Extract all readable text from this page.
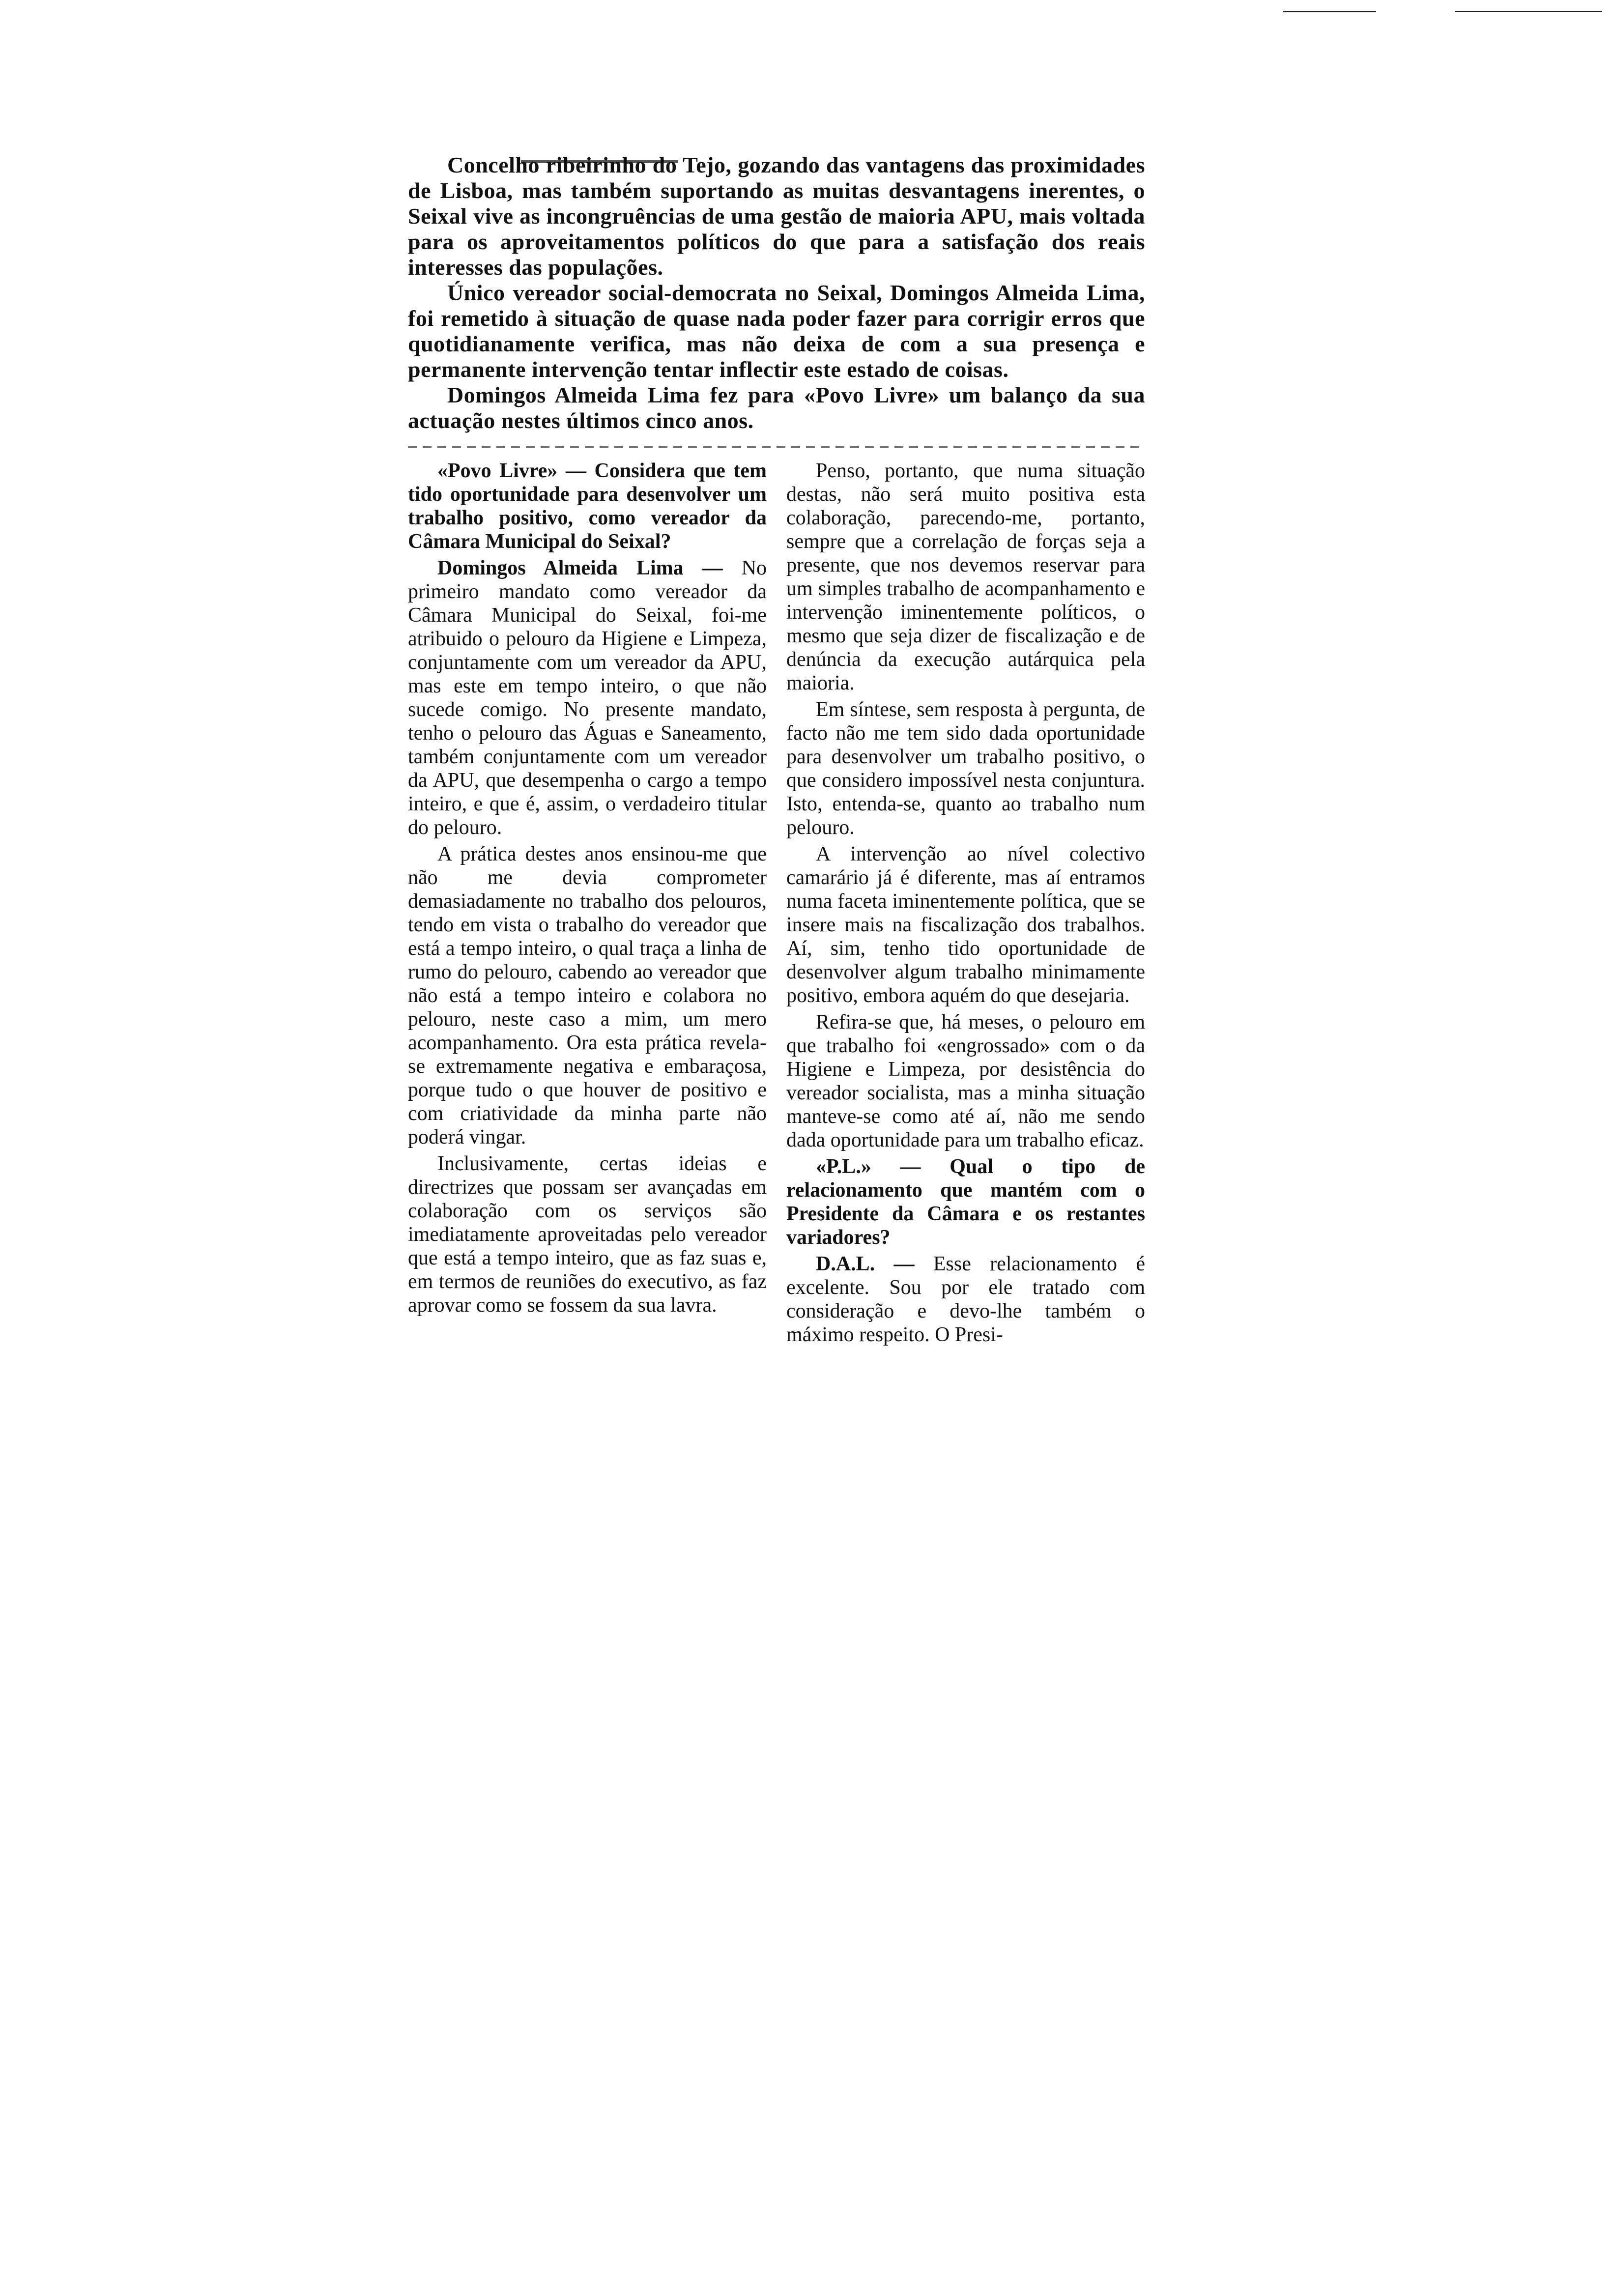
Concelho ribeirinho do Tejo, gozando das vantagens das proximidades de Lisboa, mas também suportando as muitas desvantagens inerentes, o Seixal vive as incongruências de uma gestão de maioria APU, mais voltada para os aproveitamentos políticos do que para a satisfação dos reais interesses das populações.

Único vereador social-democrata no Seixal, Domingos Almeida Lima, foi remetido à situação de quase nada poder fazer para corrigir erros que quotidianamente verifica, mas não deixa de com a sua presença e permanente intervenção tentar inflectir este estado de coisas.

Domingos Almeida Lima fez para «Povo Livre» um balanço da sua actuação nestes últimos cinco anos.

«Povo Livre» — Considera que tem tido oportunidade para desenvolver um trabalho positivo, como vereador da Câmara Municipal do Seixal?

Domingos Almeida Lima — No primeiro mandato como vereador da Câmara Municipal do Seixal, foi-me atribuido o pelouro da Higiene e Limpeza, conjuntamente com um vereador da APU, mas este em tempo inteiro, o que não sucede comigo. No presente mandato, tenho o pelouro das Águas e Saneamento, também conjuntamente com um vereador da APU, que desempenha o cargo a tempo inteiro, e que é, assim, o verdadeiro titular do pelouro.

A prática destes anos ensinou-me que não me devia comprometer demasiadamente no trabalho dos pelouros, tendo em vista o trabalho do vereador que está a tempo inteiro, o qual traça a linha de rumo do pelouro, cabendo ao vereador que não está a tempo inteiro e colabora no pelouro, neste caso a mim, um mero acompanhamento. Ora esta prática revela-se extremamente negativa e embaraçosa, porque tudo o que houver de positivo e com criatividade da minha parte não poderá vingar.

Inclusivamente, certas ideias e directrizes que possam ser avançadas em colaboração com os serviços são imediatamente aproveitadas pelo vereador que está a tempo inteiro, que as faz suas e, em termos de reuniões do executivo, as faz aprovar como se fossem da sua lavra.

Penso, portanto, que numa situação destas, não será muito positiva esta colaboração, parecendo-me, portanto, sempre que a correlação de forças seja a presente, que nos devemos reservar para um simples trabalho de acompanhamento e intervenção iminentemente políticos, o mesmo que seja dizer de fiscalização e de denúncia da execução autárquica pela maioria.

Em síntese, sem resposta à pergunta, de facto não me tem sido dada oportunidade para desenvolver um trabalho positivo, o que considero impossível nesta conjuntura. Isto, entenda-se, quanto ao trabalho num pelouro.

A intervenção ao nível colectivo camarário já é diferente, mas aí entramos numa faceta iminentemente política, que se insere mais na fiscalização dos trabalhos. Aí, sim, tenho tido oportunidade de desenvolver algum trabalho minimamente positivo, embora aquém do que desejaria.

Refira-se que, há meses, o pelouro em que trabalho foi «engrossado» com o da Higiene e Limpeza, por desistência do vereador socialista, mas a minha situação manteve-se como até aí, não me sendo dada oportunidade para um trabalho eficaz.

«P.L.» — Qual o tipo de relacionamento que mantém com o Presidente da Câmara e os restantes variadores?

D.A.L. — Esse relacionamento é excelente. Sou por ele tratado com consideração e devo-lhe também o máximo respeito. O Presi-
